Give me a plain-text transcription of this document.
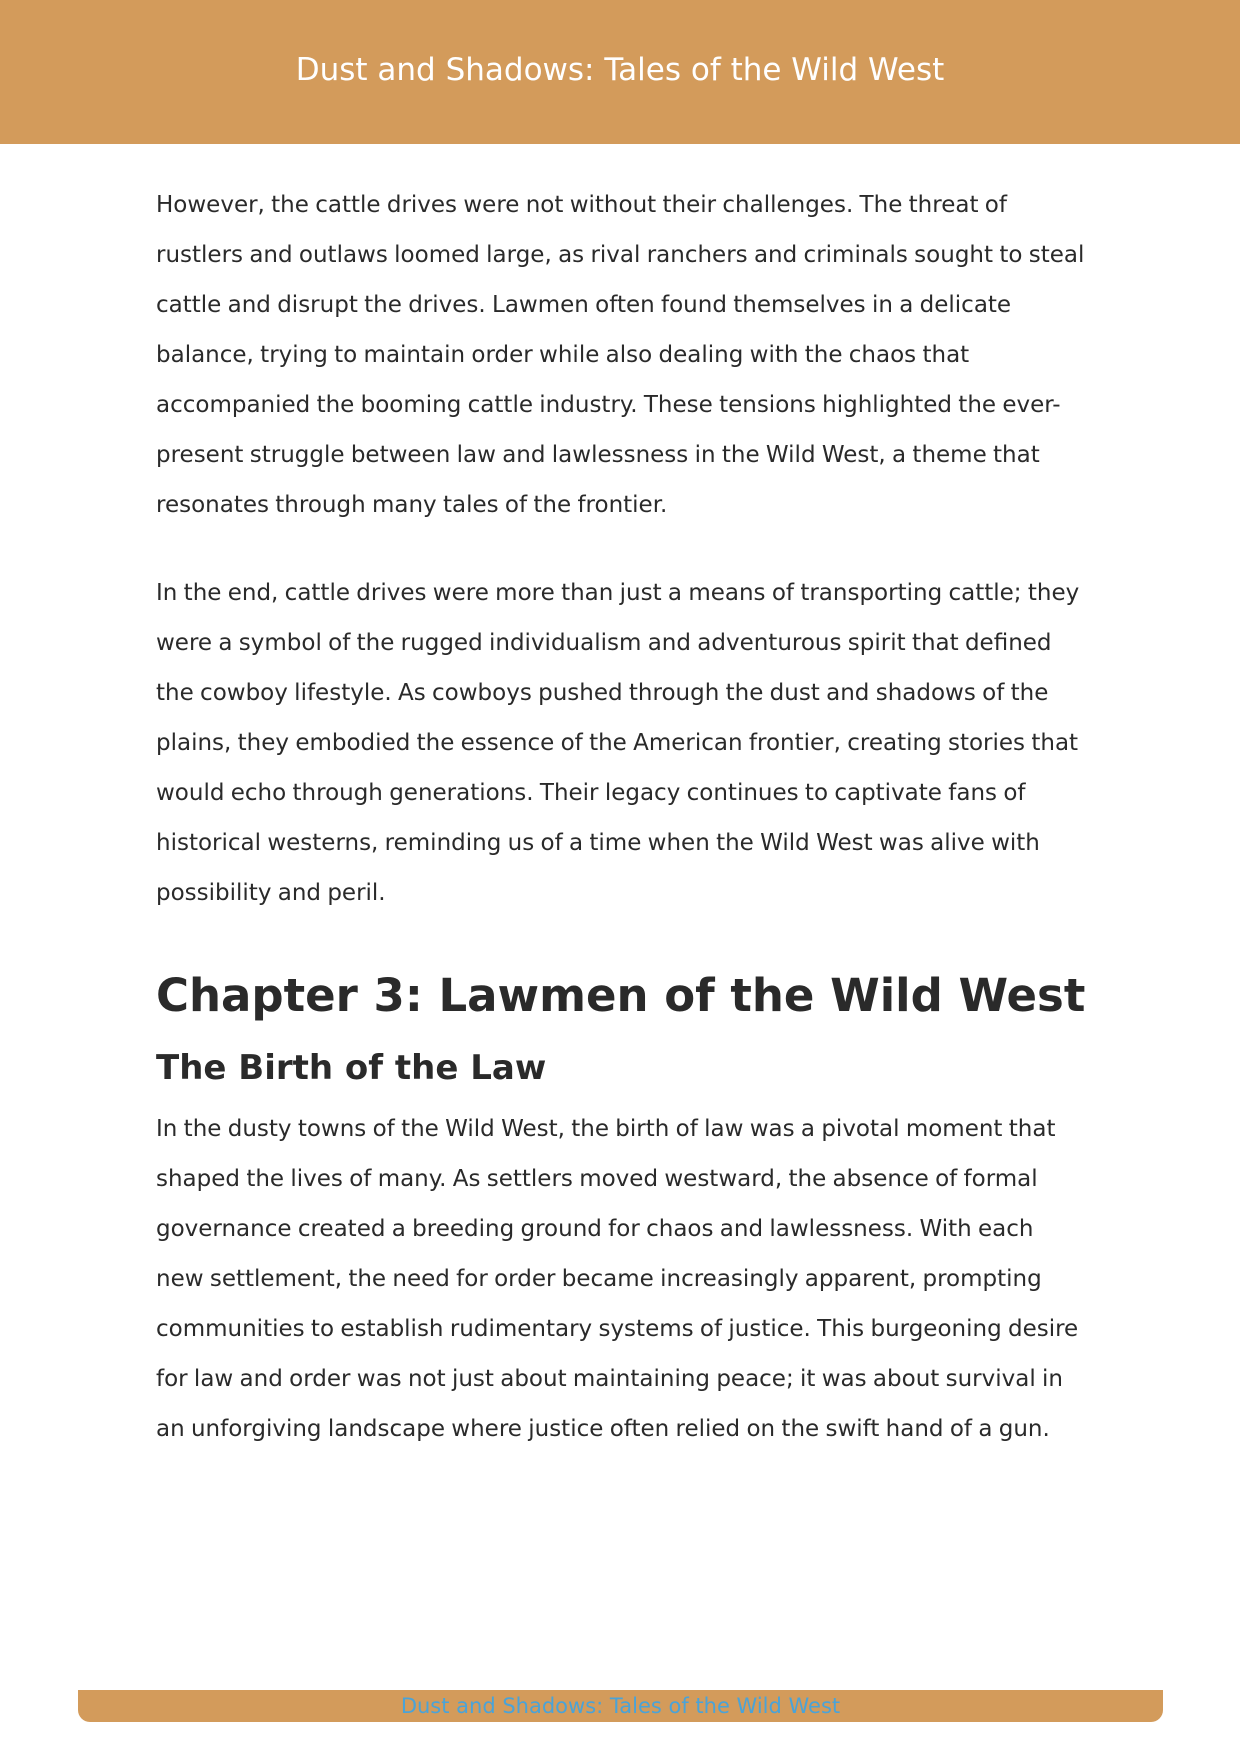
Dust and Shadows: Tales of the Wild West

However, the cattle drives were not without their challenges. The threat of rustlers and outlaws loomed large, as rival ranchers and criminals sought to steal cattle and disrupt the drives. Lawmen often found themselves in a delicate balance, trying to maintain order while also dealing with the chaos that accompanied the booming cattle industry. These tensions highlighted the ever-present struggle between law and lawlessness in the Wild West, a theme that resonates through many tales of the frontier.

In the end, cattle drives were more than just a means of transporting cattle; they were a symbol of the rugged individualism and adventurous spirit that defined the cowboy lifestyle. As cowboys pushed through the dust and shadows of the plains, they embodied the essence of the American frontier, creating stories that would echo through generations. Their legacy continues to captivate fans of historical westerns, reminding us of a time when the Wild West was alive with possibility and peril.

Chapter 3: Lawmen of the Wild West
The Birth of the Law

In the dusty towns of the Wild West, the birth of law was a pivotal moment that shaped the lives of many. As settlers moved westward, the absence of formal governance created a breeding ground for chaos and lawlessness. With each new settlement, the need for order became increasingly apparent, prompting communities to establish rudimentary systems of justice. This burgeoning desire for law and order was not just about maintaining peace; it was about survival in an unforgiving landscape where justice often relied on the swift hand of a gun.

Dust and Shadows: Tales of the Wild West
